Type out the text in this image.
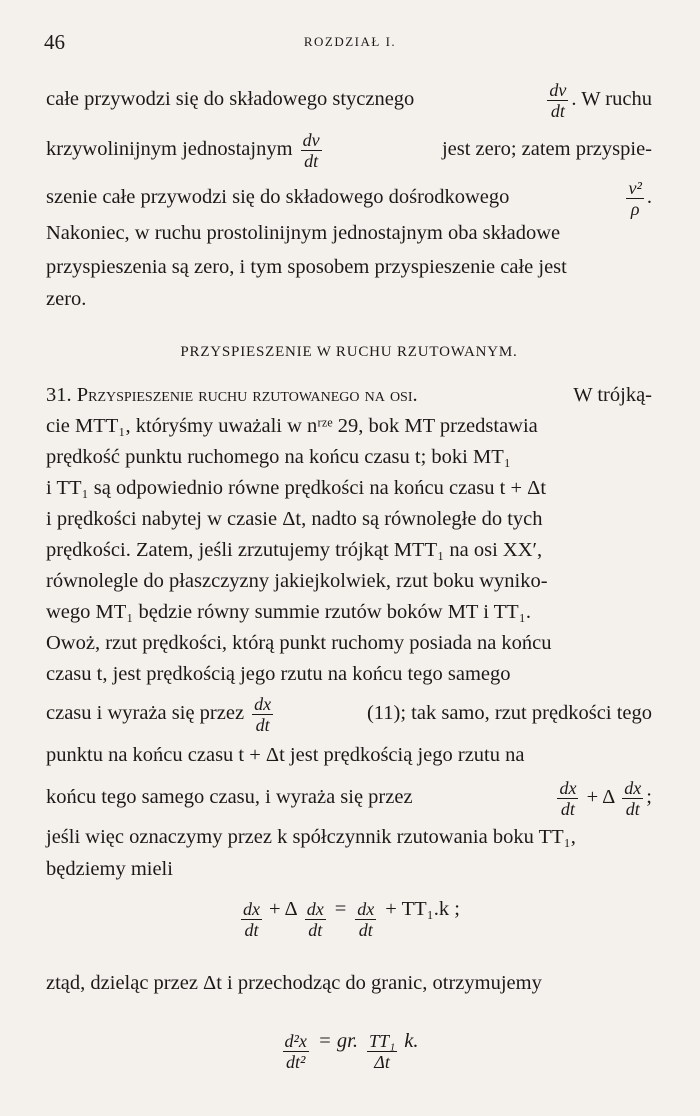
46	ROZDZIAŁ I.
całe przywodzi się do składowego stycznego	$\frac{dv}{dt}$ . W ruchu
krzywolinijnym jednostajnym $\frac{dv}{dt}$	jest zero; zatem przyspie-
szenie całe przywodzi się do składowego dośrodkowego	$\frac{\text{v²}}{\rho}$ .
Nakoniec, w ruchu prostolinijnym jednostajnym oba składowe
przyspieszenia są zero, i tym sposobem przyspieszenie całe jest
zero.
PRZYSPIESZENIE W RUCHU RZUTOWANYM.
31. Przyspieszenie ruchu rzutowanego na osi.	W trójką-
cie MTT₁, któryśmy uważali w nʳᶻᵉ 29, bok MT przedstawia
prędkość punktu ruchomego na końcu czasu t; boki MT₁
i TT₁ są odpowiednio równe prędkości na końcu czasu t + Δt
i prędkości nabytej w czasie Δt, nadto są równoległe do tych
prędkości. Zatem, jeśli zrzutujemy trójkąt MTT₁ na osi XX′,
równolegle do płaszczyzny jakiejkolwiek, rzut boku wyniko-
wego MT₁ będzie równy summie rzutów boków MT i TT₁.
Owoż, rzut prędkości, którą punkt ruchomy posiada na końcu
czasu t, jest prędkością jego rzutu na końcu tego samego
czasu i wyraża się przez $\frac{dx}{dt}$	(11); tak samo, rzut prędkości tego
punktu na końcu czasu t + Δt jest prędkością jego rzutu na
końcu tego samego czasu, i wyraża się przez	$\frac{dx}{dt} + \Delta \frac{dx}{dt}$ ;
jeśli więc oznaczymy przez k spółczynnik rzutowania boku TT₁,
będziemy mieli
$\frac{dx}{dt} + \Delta \frac{dx}{dt} = \frac{dx}{dt} + TT_1.k$ ;
ztąd, dzieląc przez Δt i przechodząc do granic, otrzymujemy
$\frac{\text{d²x}}{\text{dt²}}$ = gr. $\frac{\text{TT₁}}{\Delta t} k$.
